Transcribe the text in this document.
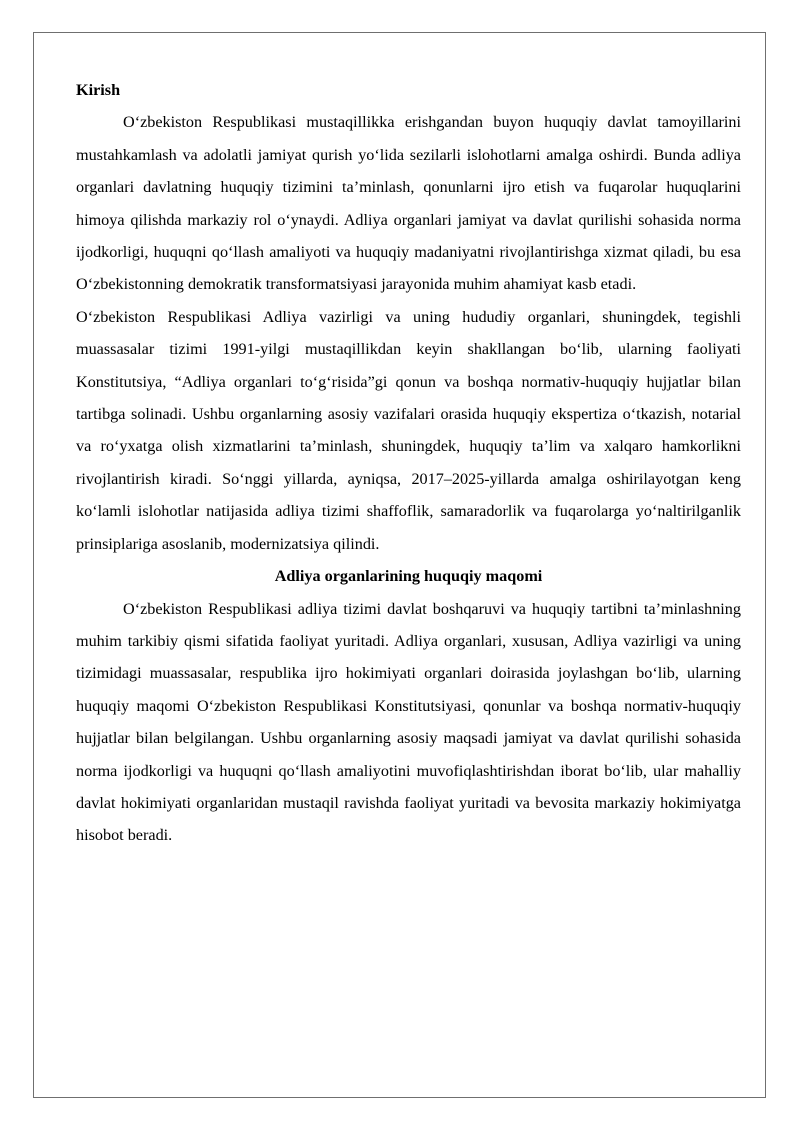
Kirish

O‘zbekiston Respublikasi mustaqillikka erishgandan buyon huquqiy davlat tamoyillarini mustahkamlash va adolatli jamiyat qurish yo‘lida sezilarli islohotlarni amalga oshirdi. Bunda adliya organlari davlatning huquqiy tizimini ta’minlash, qonunlarni ijro etish va fuqarolar huquqlarini himoya qilishda markaziy rol o‘ynaydi. Adliya organlari jamiyat va davlat qurilishi sohasida norma ijodkorligi, huquqni qo‘llash amaliyoti va huquqiy madaniyatni rivojlantirishga xizmat qiladi, bu esa O‘zbekistonning demokratik transformatsiyasi jarayonida muhim ahamiyat kasb etadi.

O‘zbekiston Respublikasi Adliya vazirligi va uning hududiy organlari, shuningdek, tegishli muassasalar tizimi 1991-yilgi mustaqillikdan keyin shakllangan bo‘lib, ularning faoliyati Konstitutsiya, “Adliya organlari to‘g‘risida”gi qonun va boshqa normativ-huquqiy hujjatlar bilan tartibga solinadi. Ushbu organlarning asosiy vazifalari orasida huquqiy ekspertiza o‘tkazish, notarial va ro‘yxatga olish xizmatlarini ta’minlash, shuningdek, huquqiy ta’lim va xalqaro hamkorlikni rivojlantirish kiradi. So‘nggi yillarda, ayniqsa, 2017–2025-yillarda amalga oshirilayotgan keng ko‘lamli islohotlar natijasida adliya tizimi shaffoflik, samaradorlik va fuqarolarga yo‘naltirilganlik prinsiplariga asoslanib, modernizatsiya qilindi.

Adliya organlarining huquqiy maqomi

O‘zbekiston Respublikasi adliya tizimi davlat boshqaruvi va huquqiy tartibni ta’minlashning muhim tarkibiy qismi sifatida faoliyat yuritadi. Adliya organlari, xususan, Adliya vazirligi va uning tizimidagi muassasalar, respublika ijro hokimiyati organlari doirasida joylashgan bo‘lib, ularning huquqiy maqomi O‘zbekiston Respublikasi Konstitutsiyasi, qonunlar va boshqa normativ-huquqiy hujjatlar bilan belgilangan. Ushbu organlarning asosiy maqsadi jamiyat va davlat qurilishi sohasida norma ijodkorligi va huquqni qo‘llash amaliyotini muvofiqlashtirishdan iborat bo‘lib, ular mahalliy davlat hokimiyati organlaridan mustaqil ravishda faoliyat yuritadi va bevosita markaziy hokimiyatga hisobot beradi.
